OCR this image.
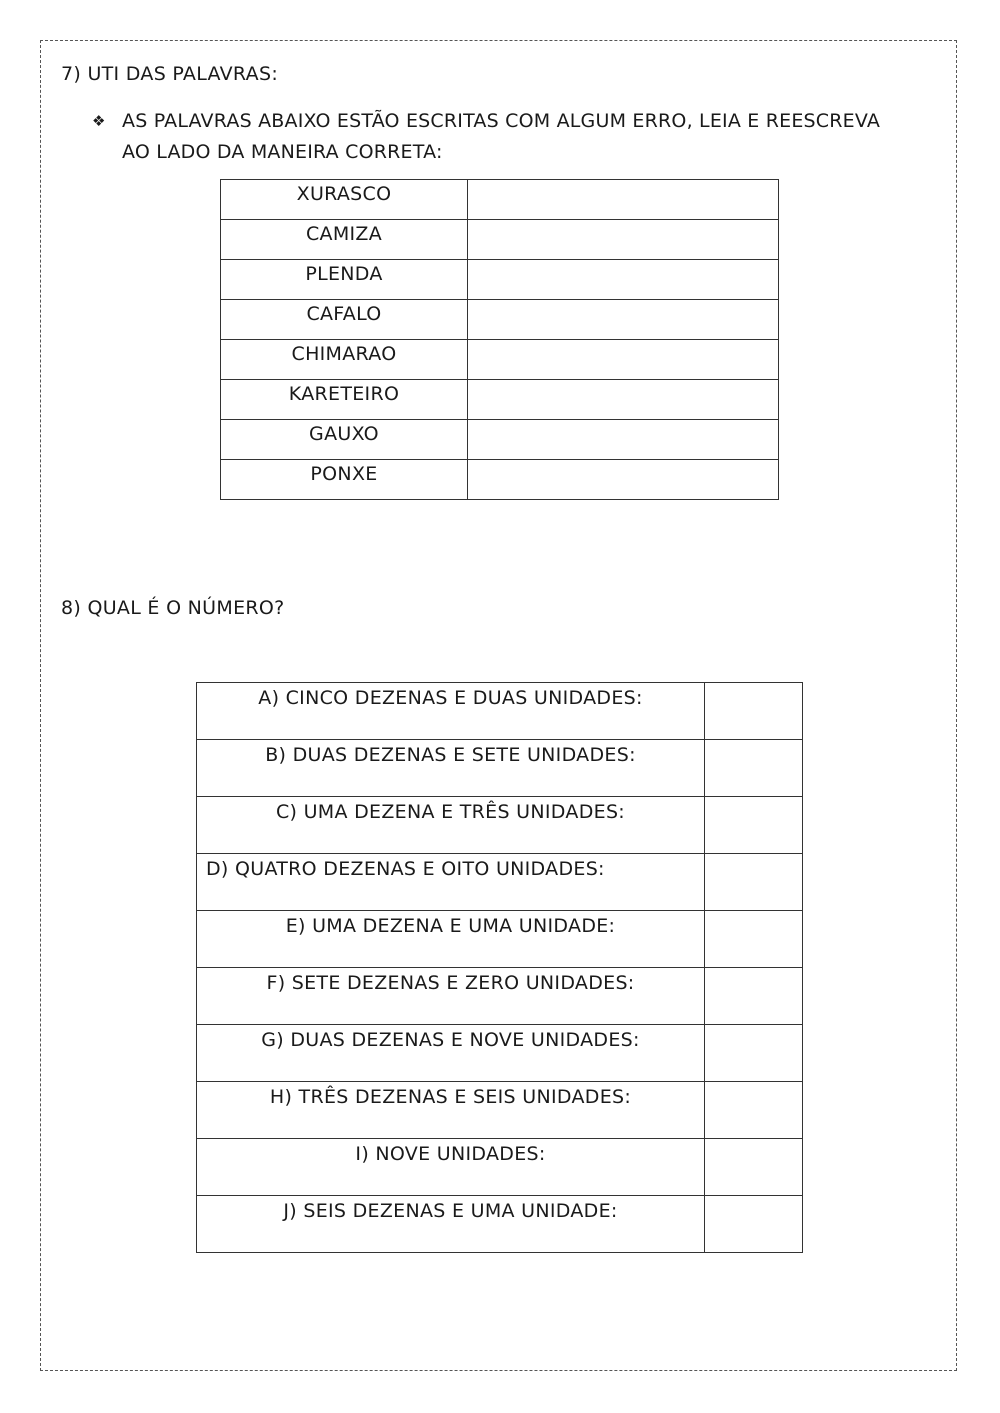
7) UTI DAS PALAVRAS:
❖ AS PALAVRAS ABAIXO ESTÃO ESCRITAS COM ALGUM ERRO, LEIA E REESCREVA
AO LADO DA MANEIRA CORRETA:
XURASCO	
CAMIZA	
PLENDA	
CAFALO	
CHIMARAO	
KARETEIRO	
GAUXO	
PONXE	
8) QUAL É O NÚMERO?
A) CINCO DEZENAS E DUAS UNIDADES:	
B) DUAS DEZENAS E SETE UNIDADES:	
C) UMA DEZENA E TRÊS UNIDADES:	
D) QUATRO DEZENAS E OITO UNIDADES:	
E) UMA DEZENA E UMA UNIDADE:	
F) SETE DEZENAS E ZERO UNIDADES:	
G) DUAS DEZENAS E NOVE UNIDADES:	
H) TRÊS DEZENAS E SEIS UNIDADES:	
I) NOVE UNIDADES:	
J) SEIS DEZENAS E UMA UNIDADE:	
